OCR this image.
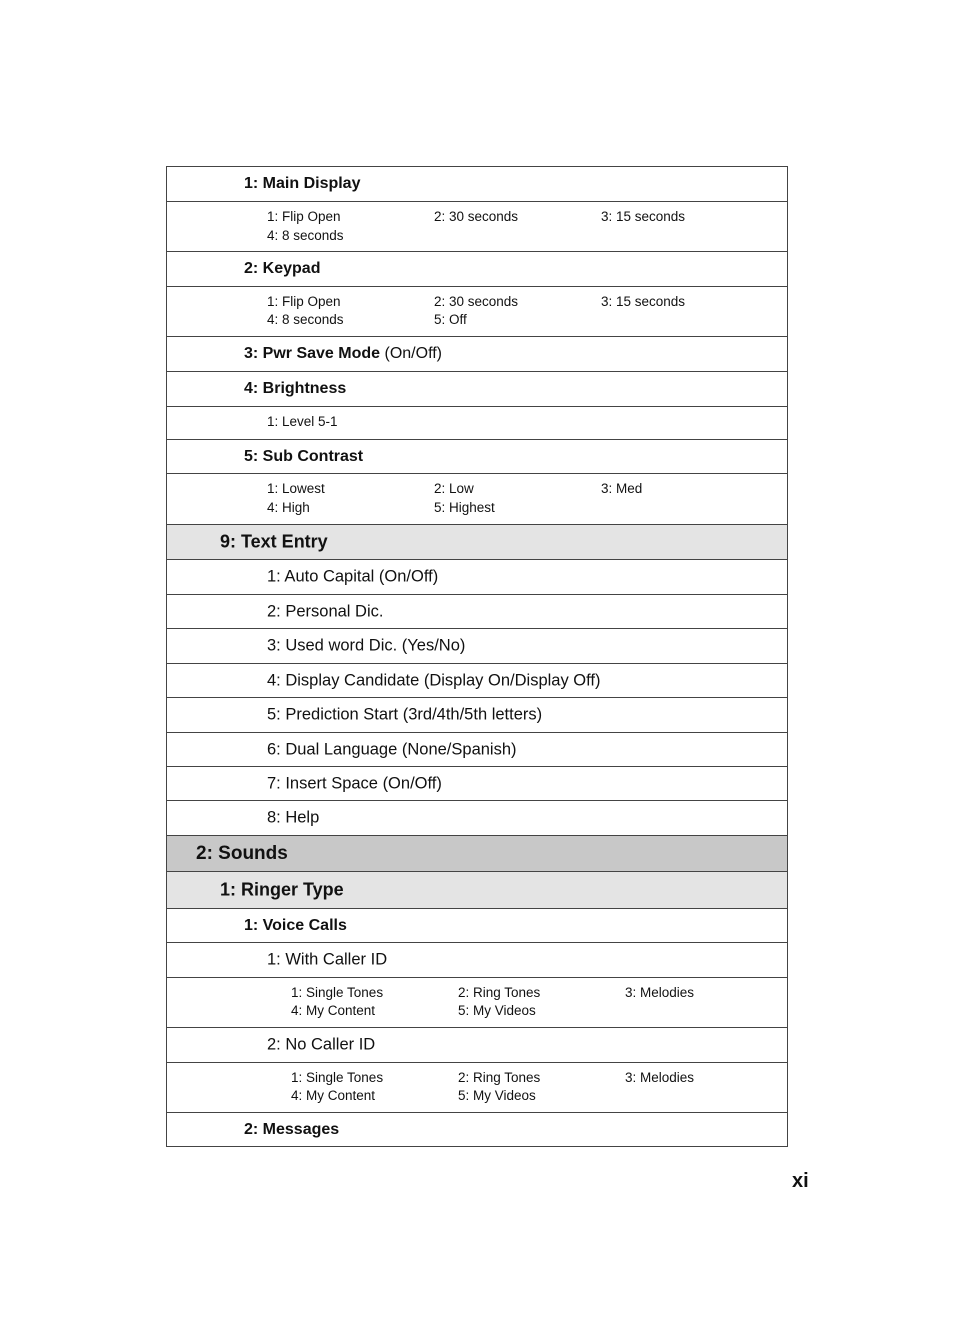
1: Main Display
1: Flip Open	2: 30 seconds	3: 15 seconds
4: 8 seconds
2: Keypad
1: Flip Open	2: 30 seconds	3: 15 seconds
4: 8 seconds	5: Off
3: Pwr Save Mode (On/Off)
4: Brightness
1: Level 5-1
5: Sub Contrast
1: Lowest	2: Low	3: Med
4: High	5: Highest
9: Text Entry
1: Auto Capital (On/Off)
2: Personal Dic.
3: Used word Dic. (Yes/No)
4: Display Candidate (Display On/Display Off)
5: Prediction Start (3rd/4th/5th letters)
6: Dual Language (None/Spanish)
7: Insert Space (On/Off)
8: Help
2: Sounds
1: Ringer Type
1: Voice Calls
1: With Caller ID
1: Single Tones	2: Ring Tones	3: Melodies
4: My Content	5: My Videos
2: No Caller ID
1: Single Tones	2: Ring Tones	3: Melodies
4: My Content	5: My Videos
2: Messages
xi
